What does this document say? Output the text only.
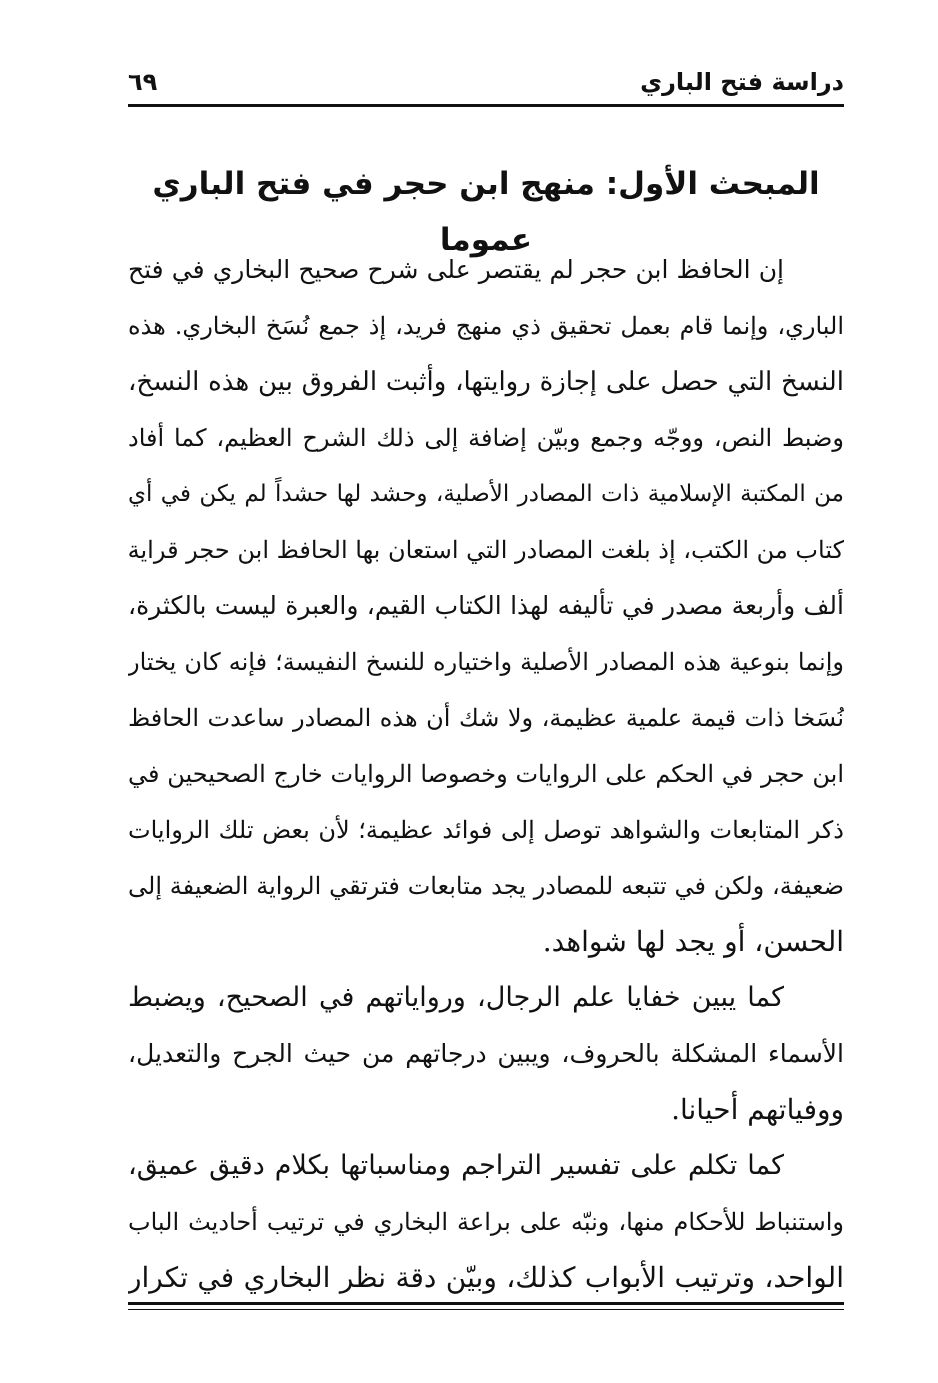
دراسة فتح الباري
٦٩
المبحث الأول: منهج ابن حجر في فتح الباري عموما
إن الحافظ ابن حجر لم يقتصر على شرح صحيح البخاري في فتح
الباري، وإنما قام بعمل تحقيق ذي منهج فريد، إذ جمع نُسَخ البخاري. هذه
النسخ التي حصل على إجازة روايتها، وأثبت الفروق بين هذه النسخ،
وضبط النص، ووجّه وجمع وبيّن إضافة إلى ذلك الشرح العظيم، كما أفاد
من المكتبة الإسلامية ذات المصادر الأصلية، وحشد لها حشداً لم يكن في أي
كتاب من الكتب، إذ بلغت المصادر التي استعان بها الحافظ ابن حجر قراية
ألف وأربعة مصدر في تأليفه لهذا الكتاب القيم، والعبرة ليست بالكثرة،
وإنما بنوعية هذه المصادر الأصلية واختياره للنسخ النفيسة؛ فإنه كان يختار
نُسَخا ذات قيمة علمية عظيمة، ولا شك أن هذه المصادر ساعدت الحافظ
ابن حجر في الحكم على الروايات وخصوصا الروايات خارج الصحيحين في
ذكر المتابعات والشواهد توصل إلى فوائد عظيمة؛ لأن بعض تلك الروايات
ضعيفة، ولكن في تتبعه للمصادر يجد متابعات فترتقي الرواية الضعيفة إلى
الحسن، أو يجد لها شواهد.
كما يبين خفايا علم الرجال، ورواياتهم في الصحيح، ويضبط
الأسماء المشكلة بالحروف، ويبين درجاتهم من حيث الجرح والتعديل،
ووفياتهم أحيانا.
كما تكلم على تفسير التراجم ومناسباتها بكلام دقيق عميق،
واستنباط للأحكام منها، ونبّه على براعة البخاري في ترتيب أحاديث الباب
الواحد، وترتيب الأبواب كذلك، وبيّن دقة نظر البخاري في تكرار
